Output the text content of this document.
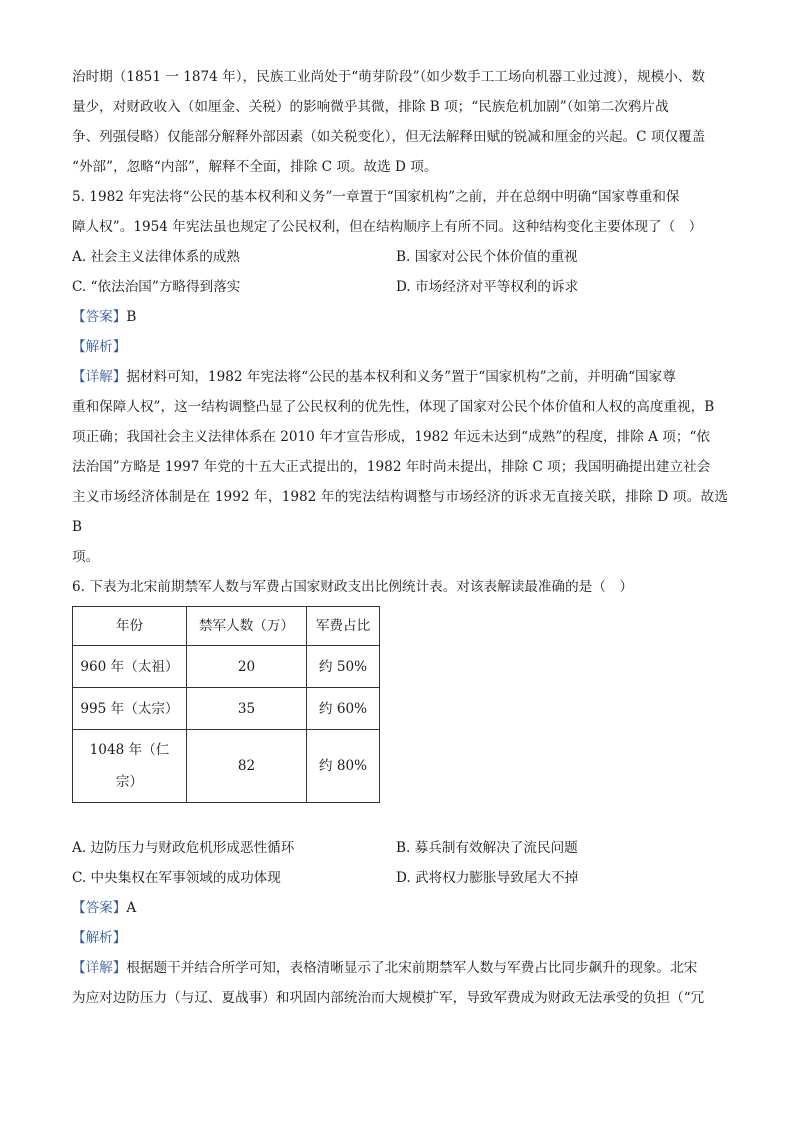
治时期（1851 一 1874 年），民族工业尚处于“萌芽阶段”（如少数手工工场向机器工业过渡），规模小、数

量少，对财政收入（如厘金、关税）的影响微乎其微，排除 B 项；“民族危机加剧”（如第二次鸦片战

争、列强侵略）仅能部分解释外部因素（如关税变化），但无法解释田赋的锐减和厘金的兴起。C 项仅覆盖

“外部”，忽略“内部”，解释不全面，排除 C 项。故选 D 项。

5. 1982 年宪法将“公民的基本权利和义务”一章置于“国家机构”之前，并在总纲中明确“国家尊重和保

障人权”。1954 年宪法虽也规定了公民权利，但在结构顺序上有所不同。这种结构变化主要体现了（　）

A. 社会主义法律体系的成熟	B. 国家对公民个体价值的重视
C. “依法治国”方略得到落实	D. 市场经济对平等权利的诉求

【答案】B

【解析】

【详解】据材料可知，1982 年宪法将“公民的基本权利和义务”置于“国家机构”之前，并明确“国家尊

重和保障人权”，这一结构调整凸显了公民权利的优先性，体现了国家对公民个体价值和人权的高度重视，B

项正确；我国社会主义法律体系在 2010 年才宣告形成，1982 年远未达到“成熟”的程度，排除 A 项；“依

法治国”方略是 1997 年党的十五大正式提出的，1982 年时尚未提出，排除 C 项；我国明确提出建立社会

主义市场经济体制是在 1992 年，1982 年的宪法结构调整与市场经济的诉求无直接关联，排除 D 项。故选 B

项。

6. 下表为北宋前期禁军人数与军费占国家财政支出比例统计表。对该表解读最准确的是（　）

年份	禁军人数（万）	军费占比
960 年（太祖）	20	约 50%
995 年（太宗）	35	约 60%
1048 年（仁
宗）	82	约 80%
A. 边防压力与财政危机形成恶性循环	B. 募兵制有效解决了流民问题
C. 中央集权在军事领域的成功体现	D. 武将权力膨胀导致尾大不掉

【答案】A

【解析】

【详解】根据题干并结合所学可知，表格清晰显示了北宋前期禁军人数与军费占比同步飙升的现象。北宋

为应对边防压力（与辽、夏战事）和巩固内部统治而大规模扩军，导致军费成为财政无法承受的负担（“冗
